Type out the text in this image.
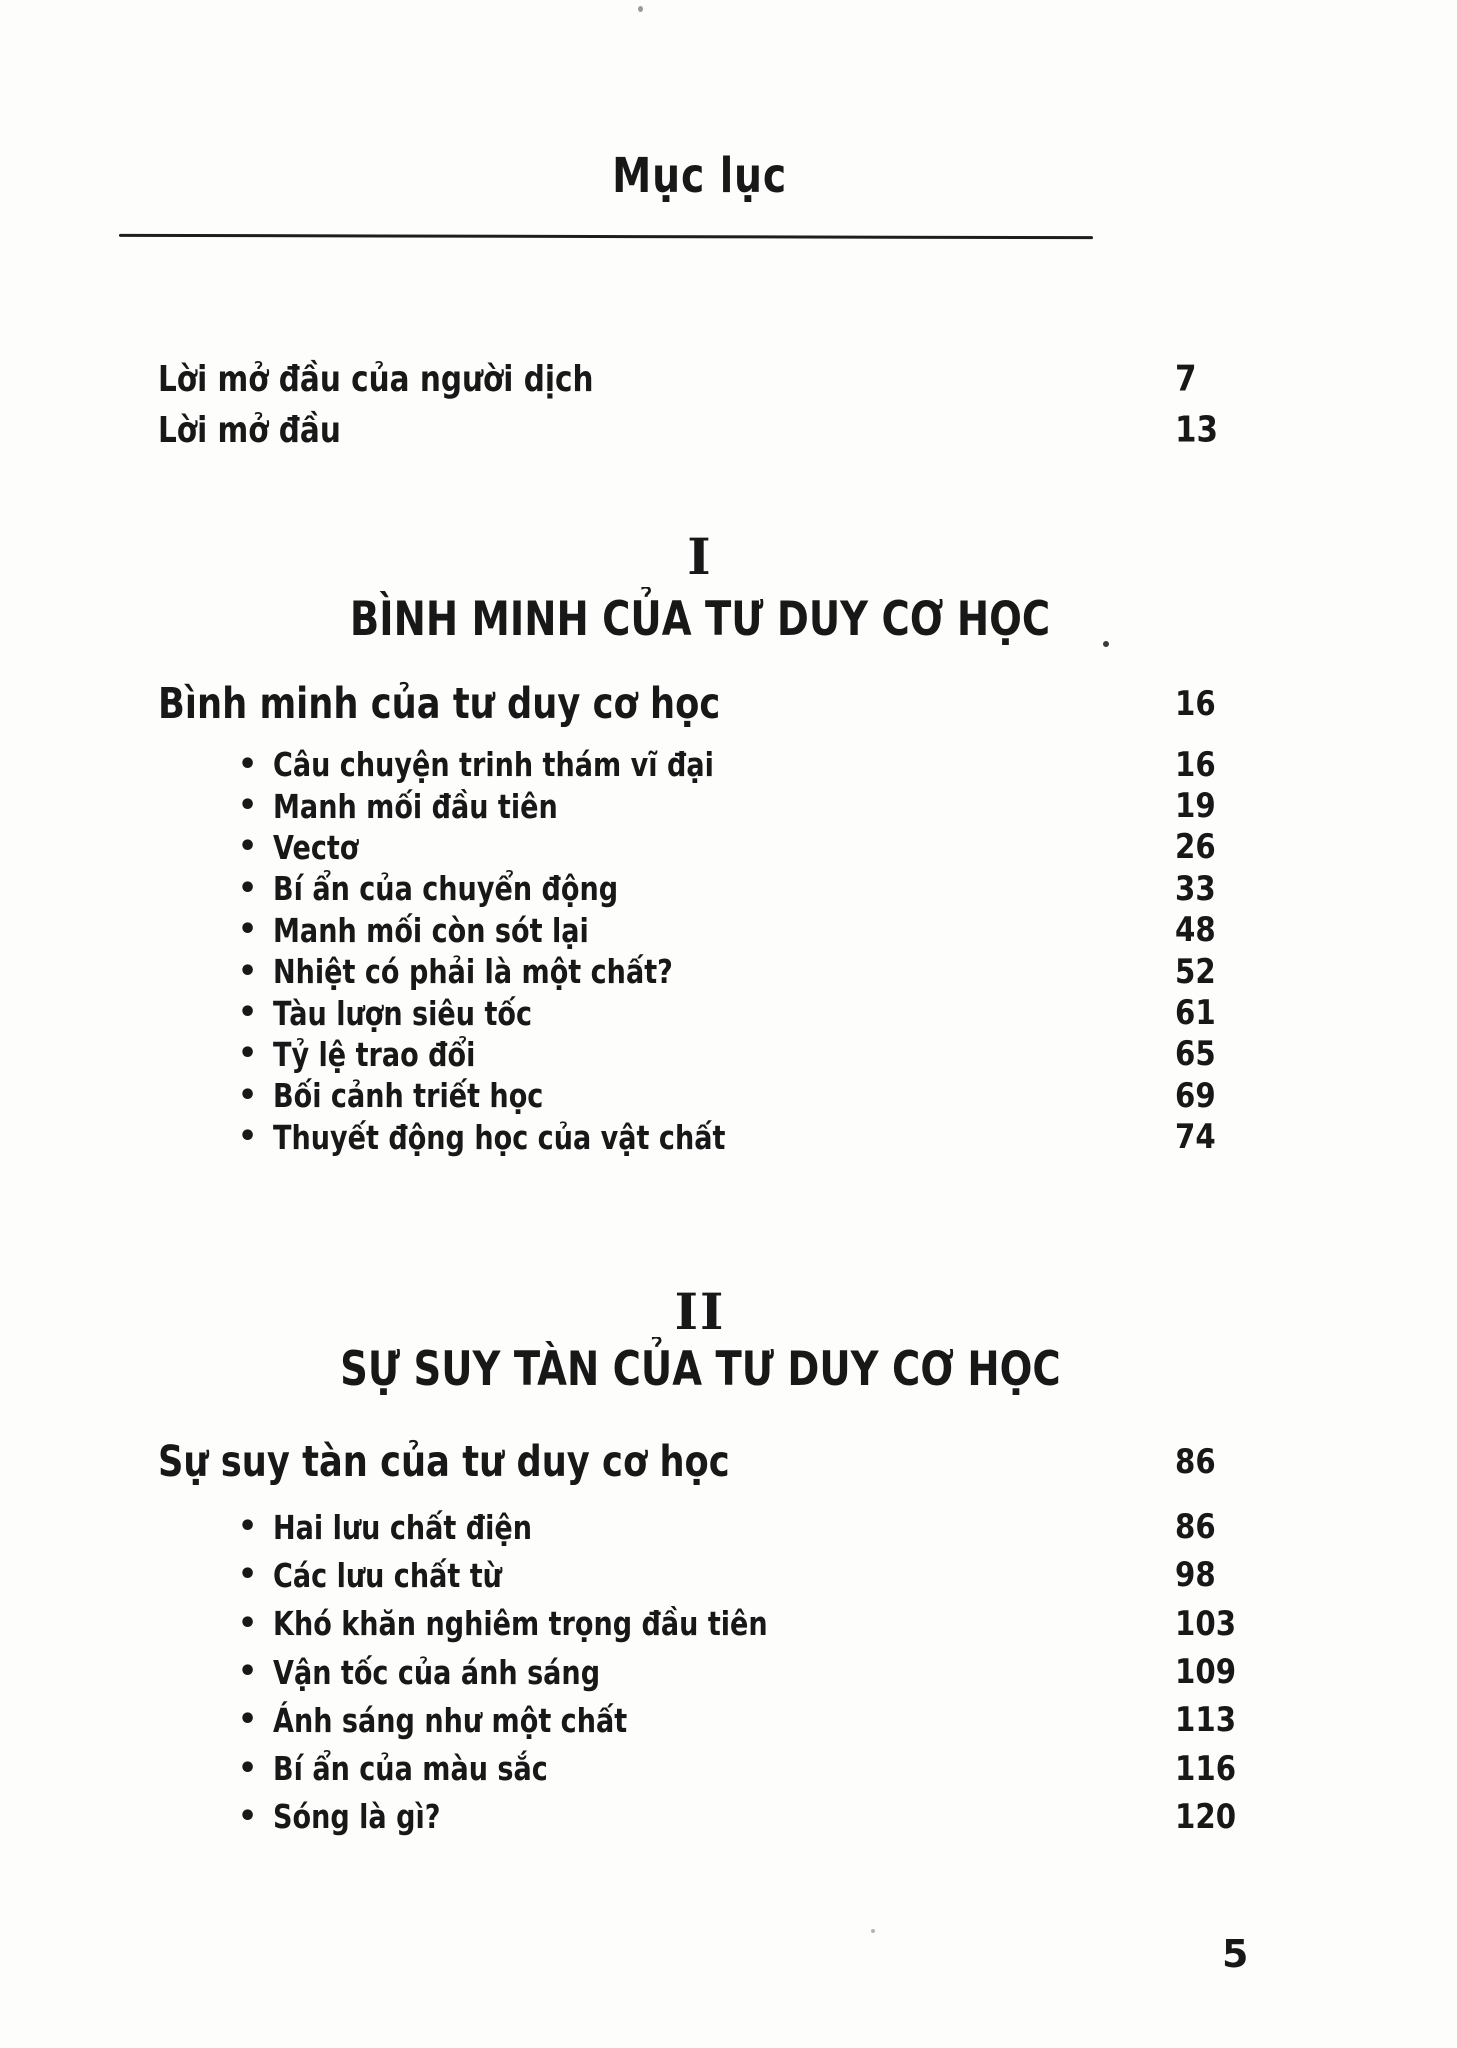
Mục lục
Lời mở đầu của người dịch	7
Lời mở đầu	13
I
BÌNH MINH CỦA TƯ DUY CƠ HỌC
Bình minh của tư duy cơ học	16
• Câu chuyện trinh thám vĩ đại	16
• Manh mối đầu tiên	19
• Vectơ	26
• Bí ẩn của chuyển động	33
• Manh mối còn sót lại	48
• Nhiệt có phải là một chất?	52
• Tàu lượn siêu tốc	61
• Tỷ lệ trao đổi	65
• Bối cảnh triết học	69
• Thuyết động học của vật chất	74
II
SỰ SUY TÀN CỦA TƯ DUY CƠ HỌC
Sự suy tàn của tư duy cơ học	86
• Hai lưu chất điện	86
• Các lưu chất từ	98
• Khó khăn nghiêm trọng đầu tiên	103
• Vận tốc của ánh sáng	109
• Ánh sáng như một chất	113
• Bí ẩn của màu sắc	116
• Sóng là gì?	120
5
